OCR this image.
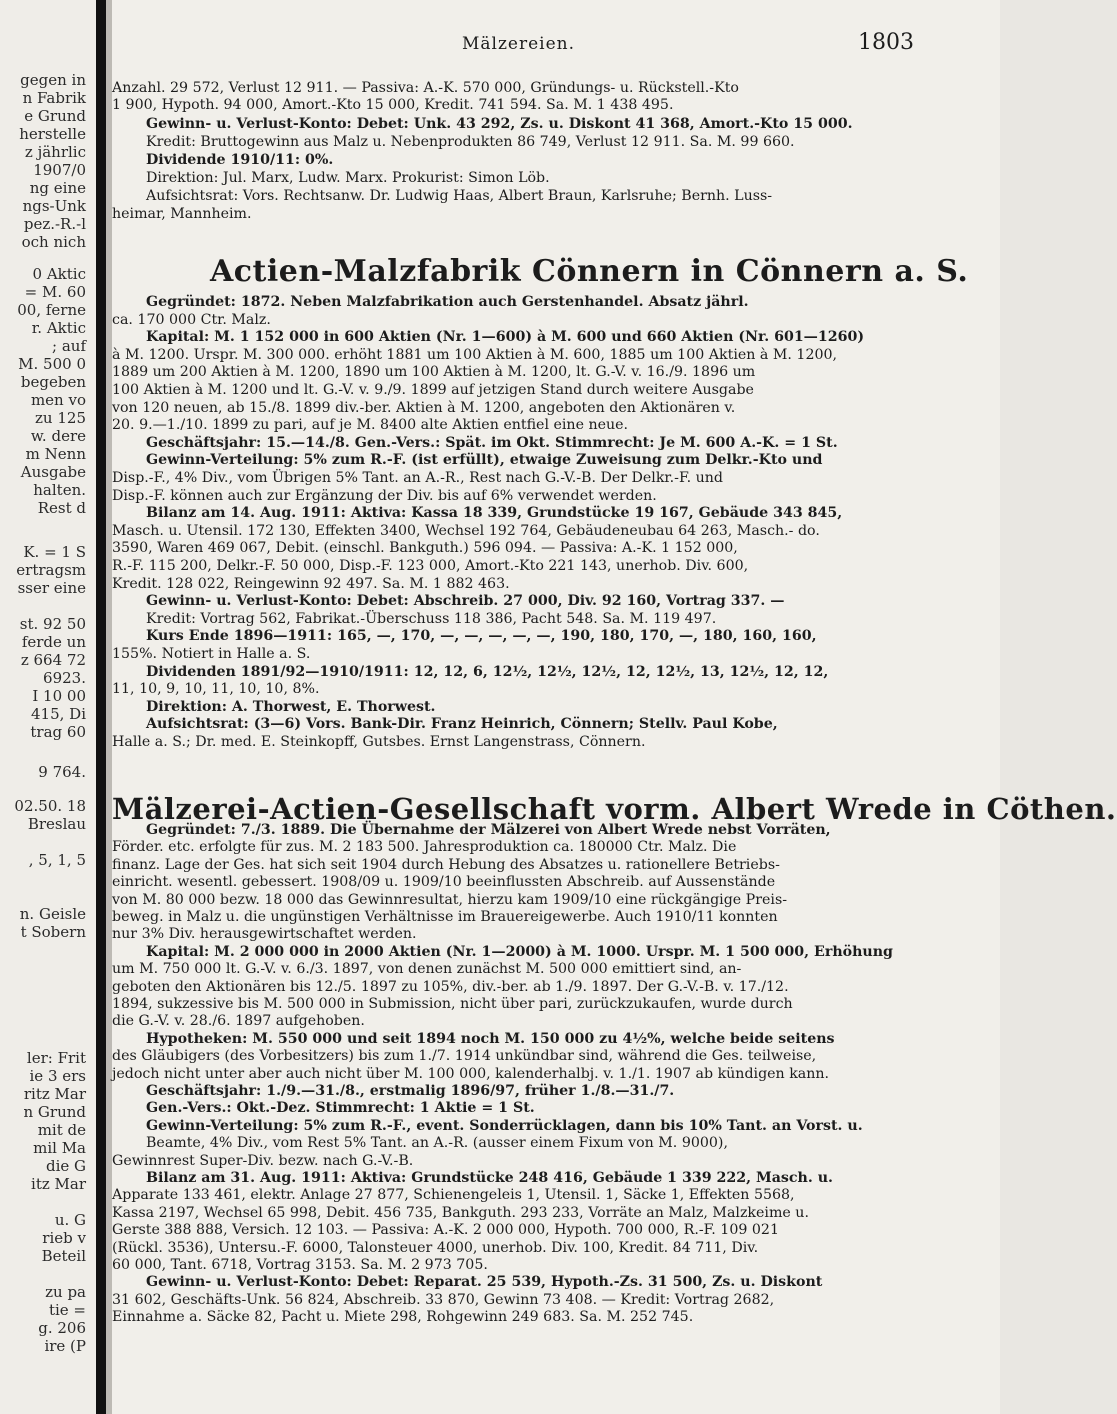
gegen in
n Fabrik
e Grund
herstelle
z jährlic
1907/0
ng eine
ngs-Unk
pez.-R.-l
och nich
0 Aktic
= M. 60
00, ferne
r. Aktic
; auf
M. 500 0
begeben
men vo
zu 125
w. dere
m Nenn
Ausgabe
halten.
Rest d
K. = 1 S
ertragsm
sser eine
st. 92 50
ferde un
z 664 72
6923.
I 10 00
415, Di
trag 60
9 764.
02.50. 18
Breslau
, 5, 1, 5
n. Geisle
t Sobern
ler: Frit
ie 3 ers
ritz Mar
n Grund
mit de
mil Ma
die G
itz Mar
u. G
rieb v
Beteil
zu pa
tie =
g. 206
ire (P
Mälzereien.	1803
Anzahl. 29 572, Verlust 12 911. — Passiva: A.-K. 570 000, Gründungs- u. Rückstell.-Kto
1 900, Hypoth. 94 000, Amort.-Kto 15 000, Kredit. 741 594. Sa. M. 1 438 495.
Gewinn- u. Verlust-Konto: Debet: Unk. 43 292, Zs. u. Diskont 41 368, Amort.-Kto 15 000.
Kredit: Bruttogewinn aus Malz u. Nebenprodukten 86 749, Verlust 12 911. Sa. M. 99 660.
Dividende 1910/11: 0%.
Direktion: Jul. Marx, Ludw. Marx. Prokurist: Simon Löb.
Aufsichtsrat: Vors. Rechtsanw. Dr. Ludwig Haas, Albert Braun, Karlsruhe; Bernh. Luss-
heimar, Mannheim.
Actien-Malzfabrik Cönnern in Cönnern a. S.
Gegründet: 1872. Neben Malzfabrikation auch Gerstenhandel. Absatz jährl.
ca. 170 000 Ctr. Malz.
Kapital: M. 1 152 000 in 600 Aktien (Nr. 1—600) à M. 600 und 660 Aktien (Nr. 601—1260)
à M. 1200. Urspr. M. 300 000. erhöht 1881 um 100 Aktien à M. 600, 1885 um 100 Aktien à M. 1200,
1889 um 200 Aktien à M. 1200, 1890 um 100 Aktien à M. 1200, lt. G.-V. v. 16./9. 1896 um
100 Aktien à M. 1200 und lt. G.-V. v. 9./9. 1899 auf jetzigen Stand durch weitere Ausgabe
von 120 neuen, ab 15./8. 1899 div.-ber. Aktien à M. 1200, angeboten den Aktionären v.
20. 9.—1./10. 1899 zu pari, auf je M. 8400 alte Aktien entfiel eine neue.
Geschäftsjahr: 15.—14./8. Gen.-Vers.: Spät. im Okt. Stimmrecht: Je M. 600 A.-K. = 1 St.
Gewinn-Verteilung: 5% zum R.-F. (ist erfüllt), etwaige Zuweisung zum Delkr.-Kto und
Disp.-F., 4% Div., vom Übrigen 5% Tant. an A.-R., Rest nach G.-V.-B. Der Delkr.-F. und
Disp.-F. können auch zur Ergänzung der Div. bis auf 6% verwendet werden.
Bilanz am 14. Aug. 1911: Aktiva: Kassa 18 339, Grundstücke 19 167, Gebäude 343 845,
Masch. u. Utensil. 172 130, Effekten 3400, Wechsel 192 764, Gebäudeneubau 64 263, Masch.- do.
3590, Waren 469 067, Debit. (einschl. Bankguth.) 596 094. — Passiva: A.-K. 1 152 000,
R.-F. 115 200, Delkr.-F. 50 000, Disp.-F. 123 000, Amort.-Kto 221 143, unerhob. Div. 600,
Kredit. 128 022, Reingewinn 92 497. Sa. M. 1 882 463.
Gewinn- u. Verlust-Konto: Debet: Abschreib. 27 000, Div. 92 160, Vortrag 337. —
Kredit: Vortrag 562, Fabrikat.-Überschuss 118 386, Pacht 548. Sa. M. 119 497.
Kurs Ende 1896—1911: 165, —, 170, —, —, —, —, —, 190, 180, 170, —, 180, 160, 160,
155%. Notiert in Halle a. S.
Dividenden 1891/92—1910/1911: 12, 12, 6, 12½, 12½, 12½, 12, 12½, 13, 12½, 12, 12,
11, 10, 9, 10, 11, 10, 10, 8%.
Direktion: A. Thorwest, E. Thorwest.
Aufsichtsrat: (3—6) Vors. Bank-Dir. Franz Heinrich, Cönnern; Stellv. Paul Kobe,
Halle a. S.; Dr. med. E. Steinkopff, Gutsbes. Ernst Langenstrass, Cönnern.
Mälzerei-Actien-Gesellschaft vorm. Albert Wrede in Cöthen.
Gegründet: 7./3. 1889. Die Übernahme der Mälzerei von Albert Wrede nebst Vorräten,
Förder. etc. erfolgte für zus. M. 2 183 500. Jahresproduktion ca. 180000 Ctr. Malz. Die
finanz. Lage der Ges. hat sich seit 1904 durch Hebung des Absatzes u. rationellere Betriebs-
einricht. wesentl. gebessert. 1908/09 u. 1909/10 beeinflussten Abschreib. auf Aussenstände
von M. 80 000 bezw. 18 000 das Gewinnresultat, hierzu kam 1909/10 eine rückgängige Preis-
beweg. in Malz u. die ungünstigen Verhältnisse im Brauereigewerbe. Auch 1910/11 konnten
nur 3% Div. herausgewirtschaftet werden.
Kapital: M. 2 000 000 in 2000 Aktien (Nr. 1—2000) à M. 1000. Urspr. M. 1 500 000, Erhöhung
um M. 750 000 lt. G.-V. v. 6./3. 1897, von denen zunächst M. 500 000 emittiert sind, an-
geboten den Aktionären bis 12./5. 1897 zu 105%, div.-ber. ab 1./9. 1897. Der G.-V.-B. v. 17./12.
1894, sukzessive bis M. 500 000 in Submission, nicht über pari, zurückzukaufen, wurde durch
die G.-V. v. 28./6. 1897 aufgehoben.
Hypotheken: M. 550 000 und seit 1894 noch M. 150 000 zu 4½%, welche beide seitens
des Gläubigers (des Vorbesitzers) bis zum 1./7. 1914 unkündbar sind, während die Ges. teilweise,
jedoch nicht unter aber auch nicht über M. 100 000, kalenderhalbj. v. 1./1. 1907 ab kündigen kann.
Geschäftsjahr: 1./9.—31./8., erstmalig 1896/97, früher 1./8.—31./7.
Gen.-Vers.: Okt.-Dez. Stimmrecht: 1 Aktie = 1 St.
Gewinn-Verteilung: 5% zum R.-F., event. Sonderrücklagen, dann bis 10% Tant. an Vorst. u.
Beamte, 4% Div., vom Rest 5% Tant. an A.-R. (ausser einem Fixum von M. 9000),
Gewinnrest Super-Div. bezw. nach G.-V.-B.
Bilanz am 31. Aug. 1911: Aktiva: Grundstücke 248 416, Gebäude 1 339 222, Masch. u.
Apparate 133 461, elektr. Anlage 27 877, Schienengeleis 1, Utensil. 1, Säcke 1, Effekten 5568,
Kassa 2197, Wechsel 65 998, Debit. 456 735, Bankguth. 293 233, Vorräte an Malz, Malzkeime u.
Gerste 388 888, Versich. 12 103. — Passiva: A.-K. 2 000 000, Hypoth. 700 000, R.-F. 109 021
(Rückl. 3536), Untersu.-F. 6000, Talonsteuer 4000, unerhob. Div. 100, Kredit. 84 711, Div.
60 000, Tant. 6718, Vortrag 3153. Sa. M. 2 973 705.
Gewinn- u. Verlust-Konto: Debet: Reparat. 25 539, Hypoth.-Zs. 31 500, Zs. u. Diskont
31 602, Geschäfts-Unk. 56 824, Abschreib. 33 870, Gewinn 73 408. — Kredit: Vortrag 2682,
Einnahme a. Säcke 82, Pacht u. Miete 298, Rohgewinn 249 683. Sa. M. 252 745.
